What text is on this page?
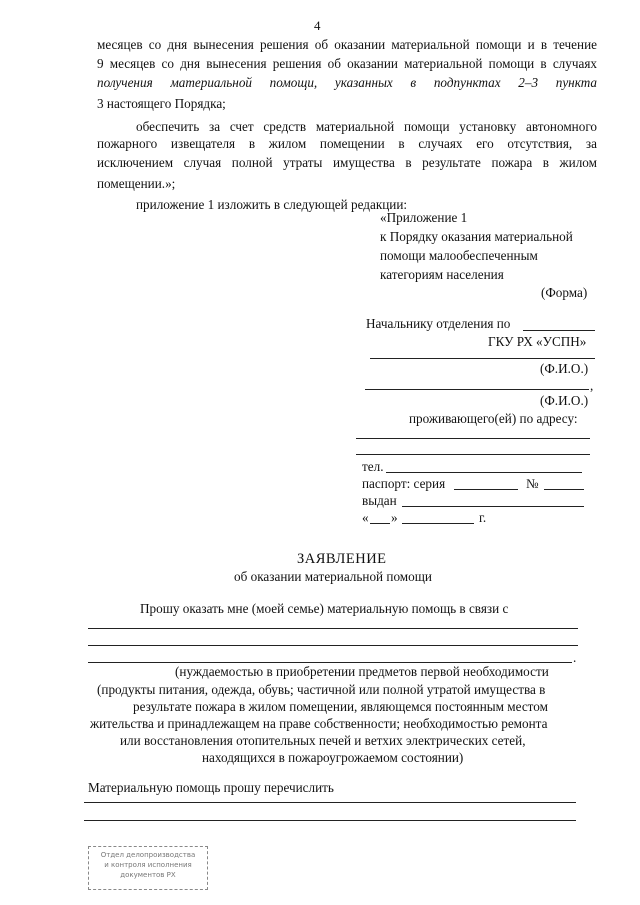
4
месяцев со дня вынесения решения об оказании материальной помощи и в течение
9 месяцев со дня вынесения решения об оказании материальной помощи в случаях
получения материальной помощи, указанных в подпунктах 2–3 пункта
3 настоящего Порядка;
обеспечить за счет средств материальной помощи установку автономного
пожарного извещателя в жилом помещении в случаях его отсутствия, за
исключением случая полной утраты имущества в результате пожара в жилом
помещении.»;
приложение 1 изложить в следующей редакции:
«Приложение 1
к Порядку оказания материальной
помощи малообеспеченным
категориям населения
(Форма)
Начальнику отделения по
ГКУ РХ «УСПН»
(Ф.И.О.)
,
(Ф.И.О.)
проживающего(ей) по адресу:
тел.
паспорт: серия	№
выдан
« »	г.
ЗАЯВЛЕНИЕ
об оказании материальной помощи
Прошу оказать мне (моей семье) материальную помощь в связи с
.
(нуждаемостью в приобретении предметов первой необходимости
(продукты питания, одежда, обувь; частичной или полной утратой имущества в
результате пожара в жилом помещении, являющемся постоянным местом
жительства и принадлежащем на праве собственности; необходимостью ремонта
или восстановления отопительных печей и ветхих электрических сетей,
находящихся в пожароугрожаемом состоянии)
Материальную помощь прошу перечислить
Отдел делопроизводства
и контроля исполнения
документов РХ
